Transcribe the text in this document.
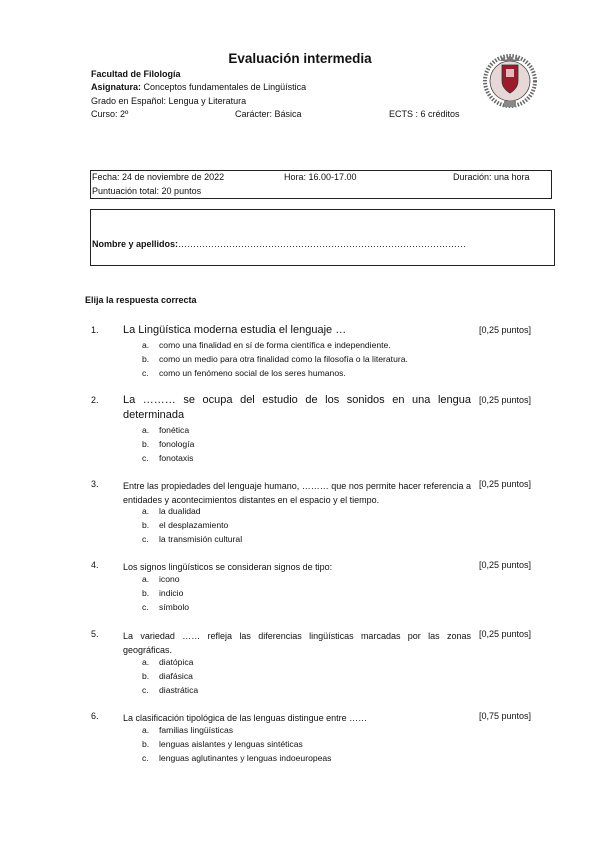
Evaluación intermedia
Facultad de Filología
Asignatura: Conceptos fundamentales de Lingüística
Grado en Español: Lengua y Literatura
Curso: 2º	Carácter: Básica	ECTS : 6 créditos
Fecha: 24 de noviembre de 2022	Hora: 16.00-17.00	Duración: una hora
Puntuación total: 20 puntos
Nombre y apellidos:……………………………………………………………………………………
Elija la respuesta correcta
1. La Lingüística moderna estudia el lenguaje …	[0,25 puntos]
a. como una finalidad en sí de forma científica e independiente.
b. como un medio para otra finalidad como la filosofía o la literatura.
c. como un fenómeno social de los seres humanos.
2. La ……… se ocupa del estudio de los sonidos en una lengua determinada
[0,25 puntos]
a. fonética
b. fonología
c. fonotaxis
3.	Entre las propiedades del lenguaje humano, ……… que nos permite hacer referencia a entidades y acontecimientos distantes en el espacio y el tiempo.
[0,25 puntos]
a. la dualidad
b. el desplazamiento
c. la transmisión cultural
4.	Los signos lingüísticos se consideran signos de tipo:	[0,25 puntos]
a. icono
b. indicio
c. símbolo
5.	La variedad …… refleja las diferencias lingüísticas marcadas por las zonas geográficas.
[0,25 puntos]
a. diatópica
b. diafásica
c. diastrática
6.	La clasificación tipológica de las lenguas distingue entre ……	[0,75 puntos]
a. familias lingüísticas
b. lenguas aislantes y lenguas sintéticas
c. lenguas aglutinantes y lenguas indoeuropeas
